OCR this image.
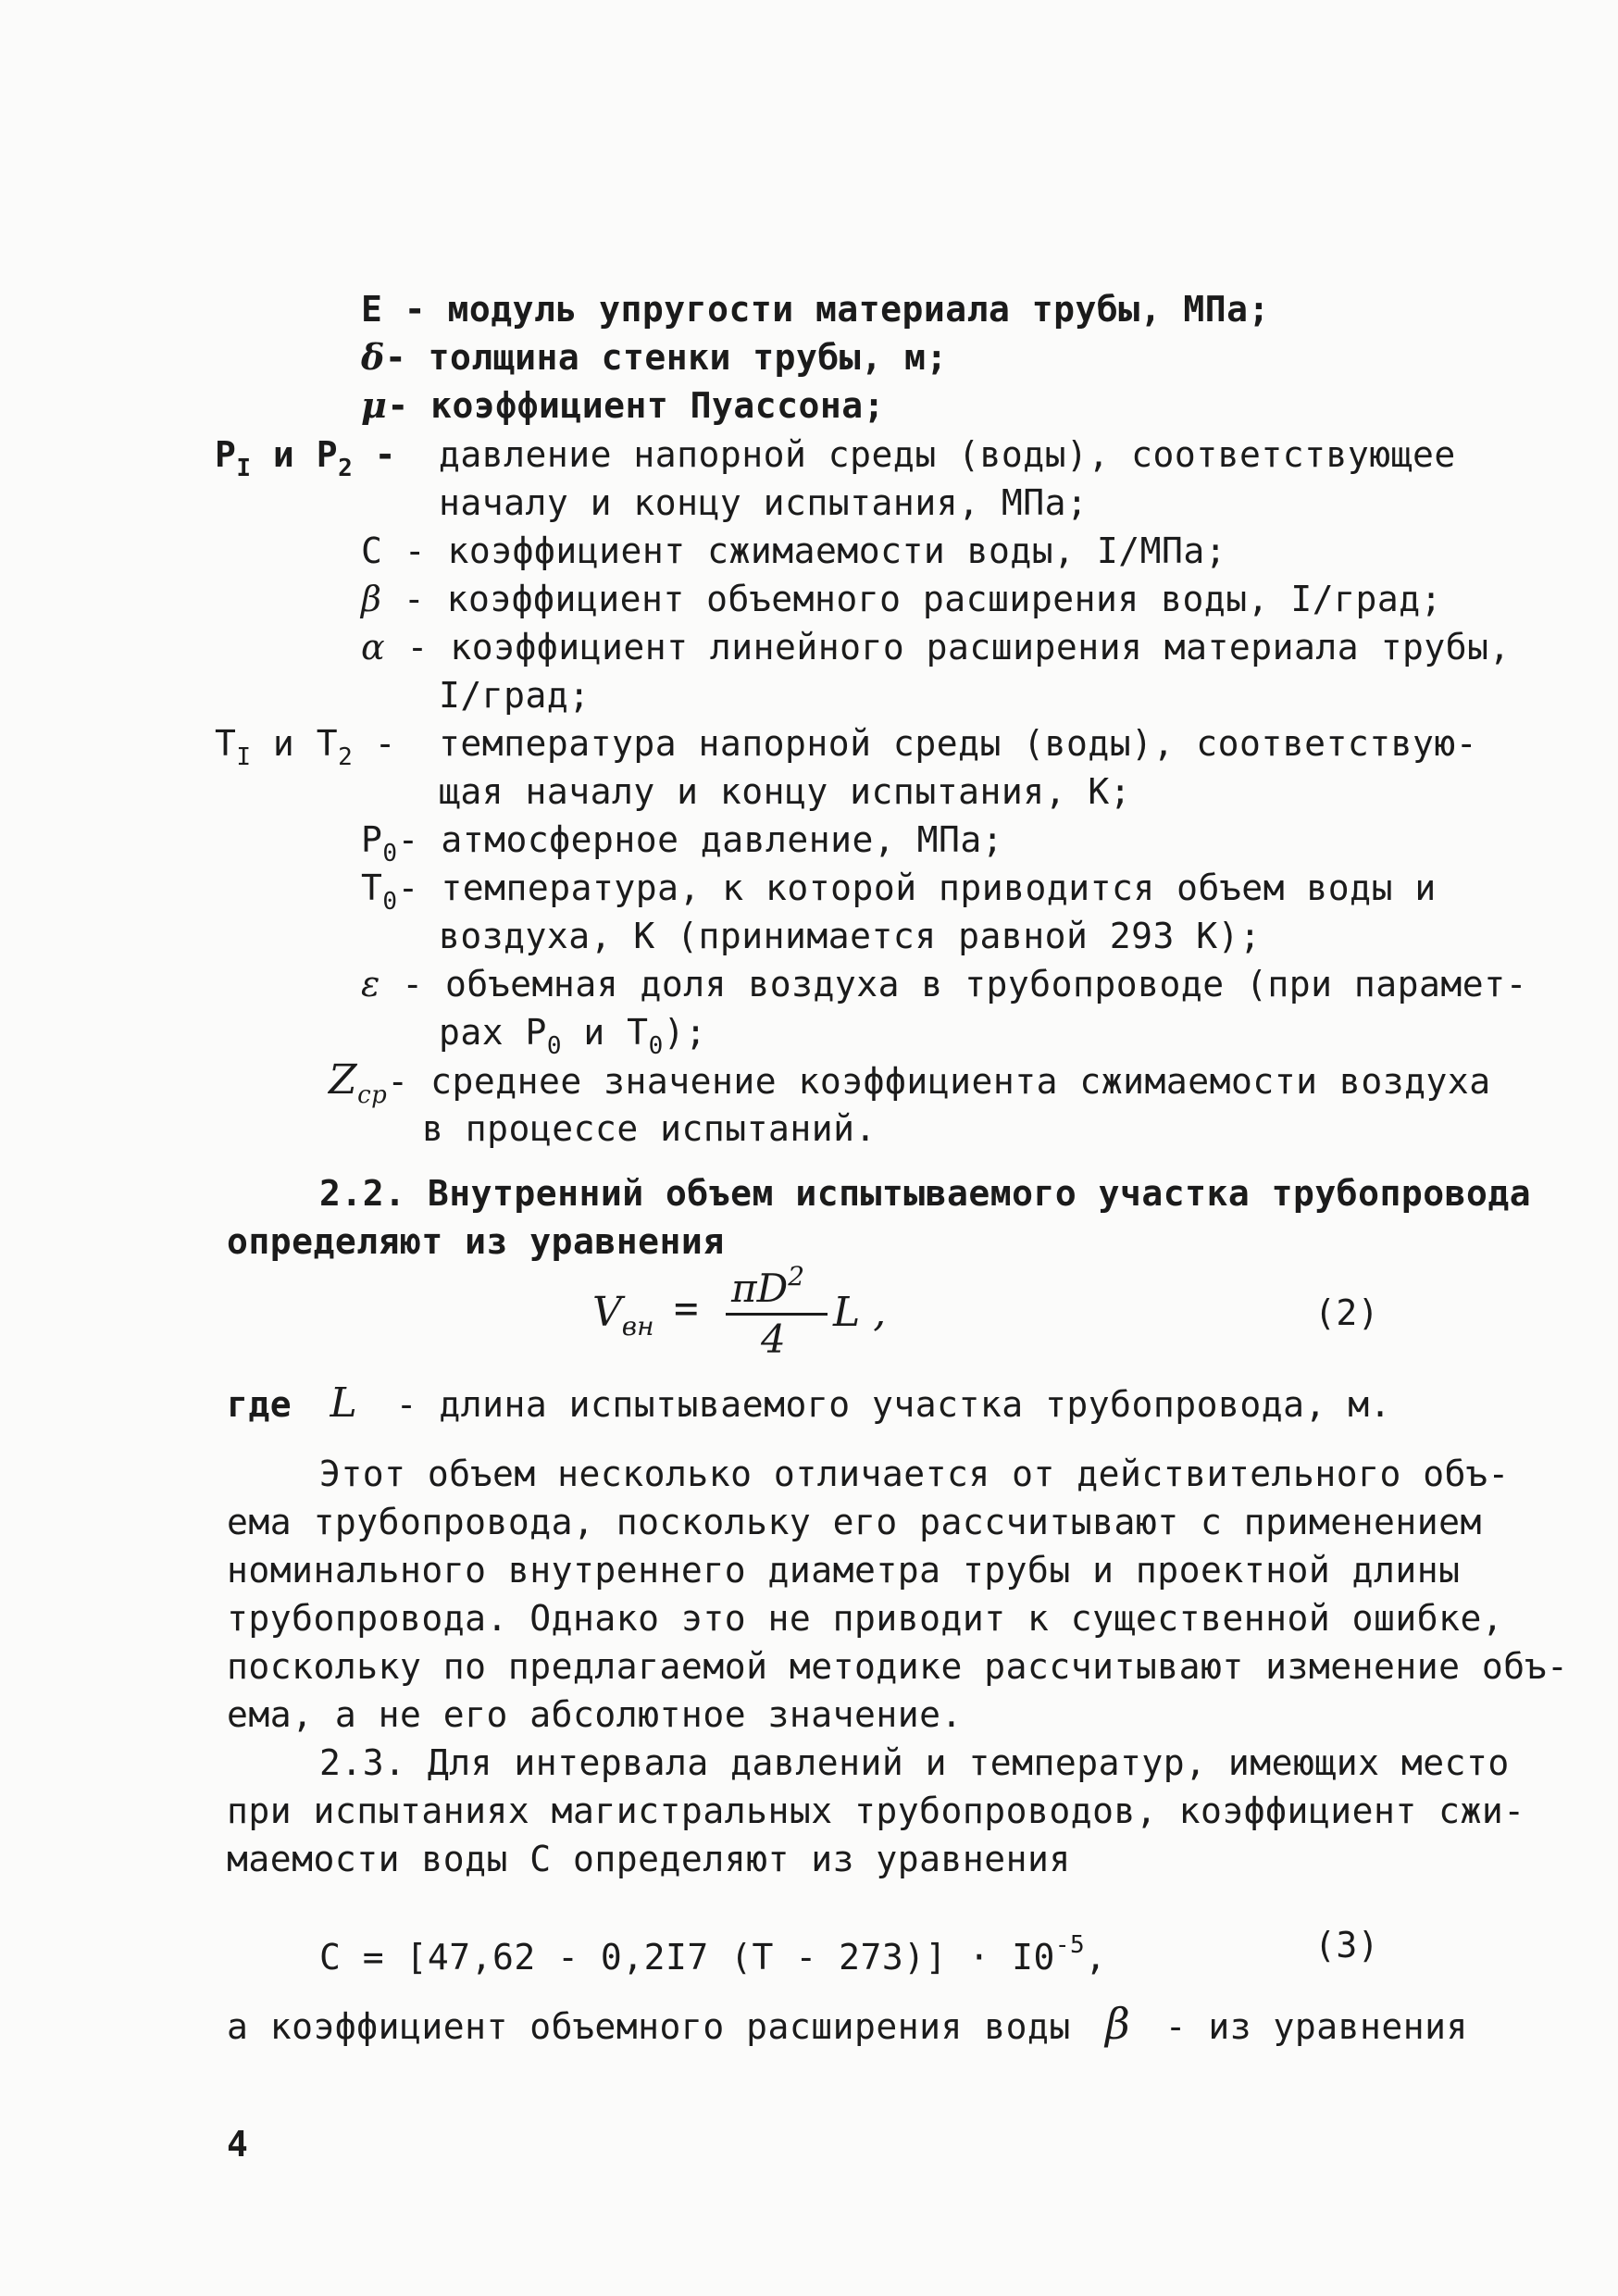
E - модуль упругости материала трубы, МПа;
δ- толщина стенки трубы, м;
μ- коэффициент Пуассона;
$P_I$ и $P_2$ - давление напорной среды (воды), соответствующее
началу и концу испытания, МПа;
C - коэффициент сжимаемости воды, I/МПа;
β - коэффициент объемного расширения воды, I/град;
α - коэффициент линейного расширения материала трубы,
I/град;
$T_I$ и $T_2$ - температура напорной среды (воды), соответствую-
щая началу и концу испытания, К;
$P_0-$ атмосферное давление, МПа;
$T_0-$ температура, к которой приводится объем воды и
воздуха, К (принимается равной 293 К);
ε - объемная доля воздуха в трубопроводе (при парамет-
рах $P_0$ и $T_0$);
$Z_{ср}-$ среднее значение коэффициента сжимаемости воздуха
в процессе испытаний.
2.2. Внутренний объем испытываемого участка трубопровода
определяют из уравнения
$V_{вн} = \pi D^2$
4
L ,	(2)
где L - длина испытываемого участка трубопровода, м.
Этот объем несколько отличается от действительного объ-
ема трубопровода, поскольку его рассчитывают с применением
номинального внутреннего диаметра трубы и проектной длины
трубопровода. Однако это не приводит к существенной ошибке,
поскольку по предлагаемой методике рассчитывают изменение объ-
ема, а не его абсолютное значение.
2.3. Для интервала давлений и температур, имеющих место
при испытаниях магистральных трубопроводов, коэффициент сжи-
маемости воды С определяют из уравнения
C = [47,62 - 0,2I7 $(T - 273)] \cdot I0^{-5}$,	(3)
а коэффициент объемного расширения воды β - из уравнения
4
